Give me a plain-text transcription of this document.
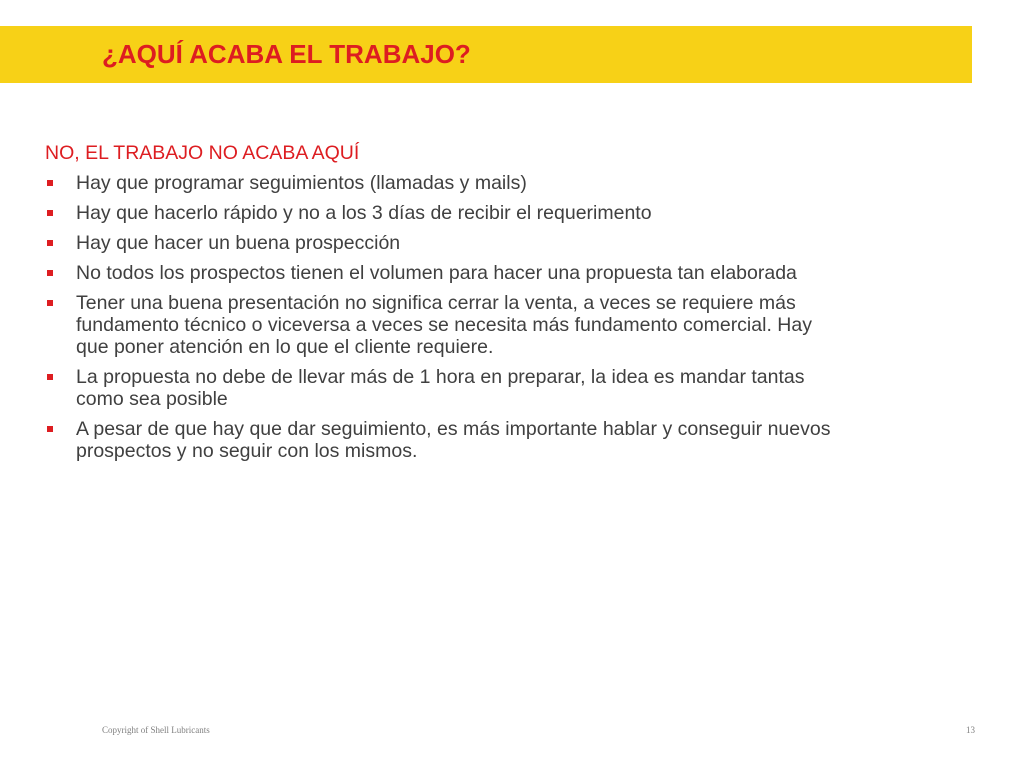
¿AQUÍ ACABA EL TRABAJO?

NO, EL TRABAJO NO ACABA AQUÍ

Hay que programar seguimientos (llamadas y mails)
Hay que hacerlo rápido y no a los 3 días de recibir el requerimento
Hay que hacer un buena prospección
No todos los prospectos tienen el volumen para hacer una propuesta tan elaborada
Tener una buena presentación no significa cerrar la venta, a veces se requiere más fundamento técnico o viceversa a veces se necesita más fundamento comercial. Hay que poner atención en lo que el cliente requiere.
La propuesta no debe de llevar más de 1 hora en preparar, la idea es mandar tantas como sea posible
A pesar de que hay que dar seguimiento, es más importante hablar y conseguir nuevos prospectos y no seguir con los mismos.
Copyright of Shell Lubricants	13
